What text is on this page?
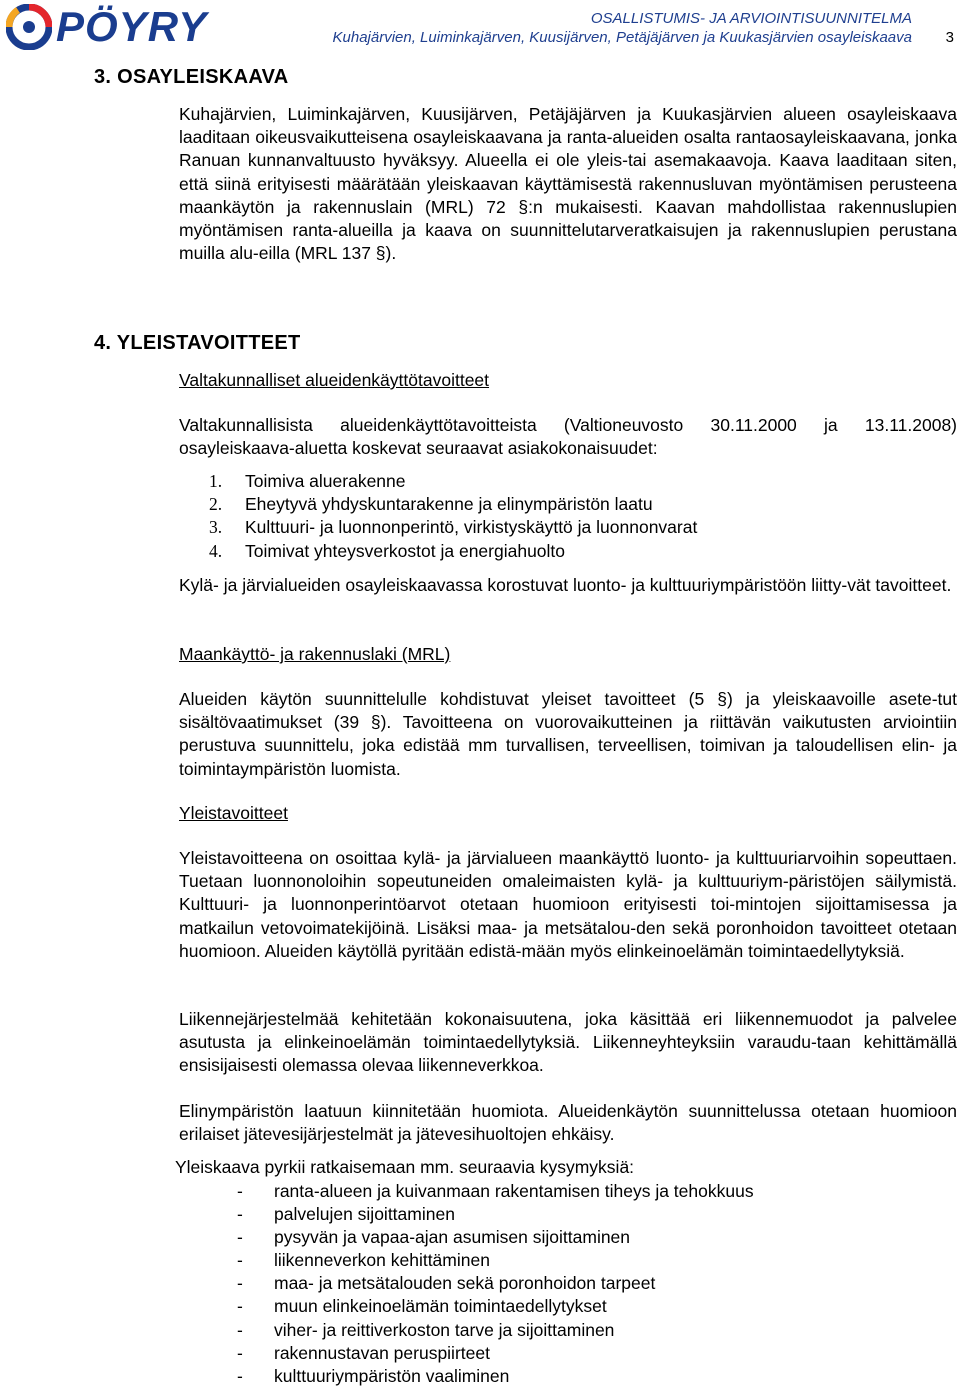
PÖYRY	OSALLISTUMIS- JA ARVIOINTISUUNNITELMA
Kuhajärvien, Luiminkajärven, Kuusijärven, Petäjäjärven ja Kuukasjärvien osayleiskaava 3
3. OSAYLEISKAAVA

Kuhajärvien, Luiminkajärven, Kuusijärven, Petäjäjärven ja Kuukasjärvien alueen osayleiskaava laaditaan oikeusvaikutteisena osayleiskaavana ja ranta-alueiden osalta rantaosayleiskaavana, jonka Ranuan kunnanvaltuusto hyväksyy. Alueella ei ole yleis-tai asemakaavoja. Kaava laaditaan siten, että siinä erityisesti määrätään yleiskaavan käyttämisestä rakennusluvan myöntämisen perusteena maankäytön ja rakennuslain (MRL) 72 §:n mukaisesti. Kaavan mahdollistaa rakennuslupien myöntämisen ranta-alueilla ja kaava on suunnittelutarveratkaisujen ja rakennuslupien perustana muilla alu-eilla (MRL 137 §).

4. YLEISTAVOITTEET

Valtakunnalliset alueidenkäyttötavoitteet

Valtakunnallisista alueidenkäyttötavoitteista (Valtioneuvosto 30.11.2000 ja 13.11.2008) osayleiskaava-aluetta koskevat seuraavat asiakokonaisuudet:

1. Toimiva aluerakenne
2. Eheytyvä yhdyskuntarakenne ja elinympäristön laatu
3. Kulttuuri- ja luonnonperintö, virkistyskäyttö ja luonnonvarat
4. Toimivat yhteysverkostot ja energiahuolto

Kylä- ja järvialueiden osayleiskaavassa korostuvat luonto- ja kulttuuriympäristöön liitty-vät tavoitteet.

Maankäyttö- ja rakennuslaki (MRL)

Alueiden käytön suunnittelulle kohdistuvat yleiset tavoitteet (5 §) ja yleiskaavoille asete-tut sisältövaatimukset (39 §). Tavoitteena on vuorovaikutteinen ja riittävän vaikutusten arviointiin perustuva suunnittelu, joka edistää mm turvallisen, terveellisen, toimivan ja taloudellisen elin- ja toimintaympäristön luomista.

Yleistavoitteet

Yleistavoitteena on osoittaa kylä- ja järvialueen maankäyttö luonto- ja kulttuuriarvoihin sopeuttaen. Tuetaan luonnonoloihin sopeutuneiden omaleimaisten kylä- ja kulttuuriym-päristöjen säilymistä. Kulttuuri- ja luonnonperintöarvot otetaan huomioon erityisesti toi-mintojen sijoittamisessa ja matkailun vetovoimatekijöinä. Lisäksi maa- ja metsätalou-den sekä poronhoidon tavoitteet otetaan huomioon. Alueiden käytöllä pyritään edistä-mään myös elinkeinoelämän toimintaedellytyksiä.

Liikennejärjestelmää kehitetään kokonaisuutena, joka käsittää eri liikennemuodot ja palvelee asutusta ja elinkeinoelämän toimintaedellytyksiä. Liikenneyhteyksiin varaudu-taan kehittämällä ensisijaisesti olemassa olevaa liikenneverkkoa.

Elinympäristön laatuun kiinnitetään huomiota. Alueidenkäytön suunnittelussa otetaan huomioon erilaiset jätevesijärjestelmät ja jätevesihuoltojen ehkäisy.

Yleiskaava pyrkii ratkaisemaan mm. seuraavia kysymyksiä:

- ranta-alueen ja kuivanmaan rakentamisen tiheys ja tehokkuus
- palvelujen sijoittaminen
- pysyvän ja vapaa-ajan asumisen sijoittaminen
- liikenneverkon kehittäminen
- maa- ja metsätalouden sekä poronhoidon tarpeet
- muun elinkeinoelämän toimintaedellytykset
- viher- ja reittiverkoston tarve ja sijoittaminen
- rakennustavan peruspiirteet
- kulttuuriympäristön vaaliminen
